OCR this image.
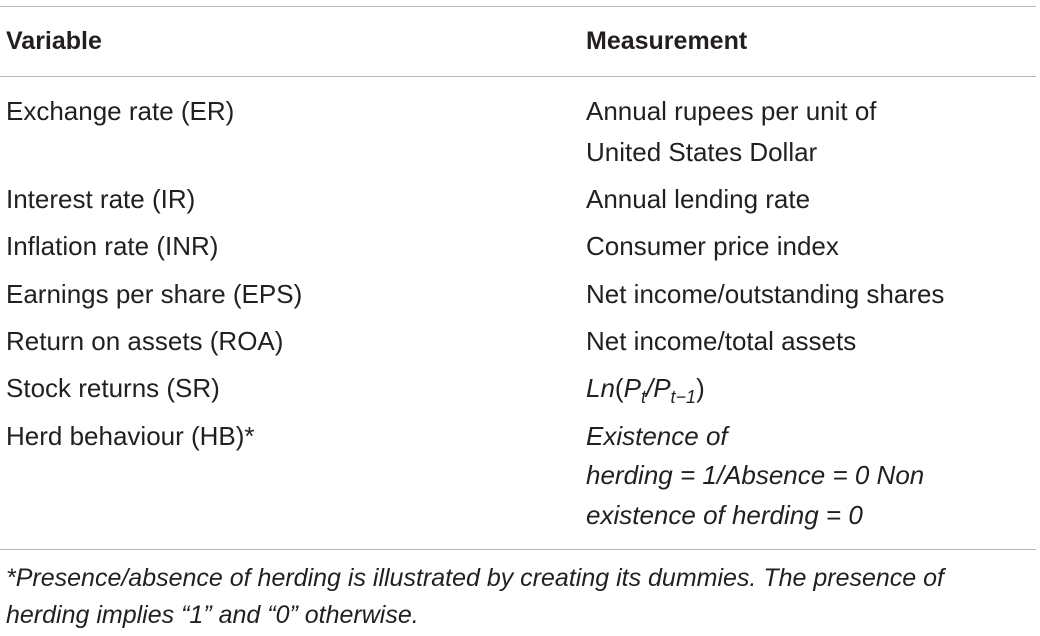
Variable	Measurement
Exchange rate (ER)	Annual rupees per unit of
United States Dollar
Interest rate (IR)	Annual lending rate
Inflation rate (INR)	Consumer price index
Earnings per share (EPS)	Net income/outstanding shares
Return on assets (ROA)	Net income/total assets
Stock returns (SR)	$Ln(P_t/P_{t-1})$
Herd behaviour (HB)*	Existence of
herding = 1/Absence = 0 Non
existence of herding = 0
*Presence/absence of herding is illustrated by creating its dummies. The presence of herding implies “1” and “0” otherwise.
